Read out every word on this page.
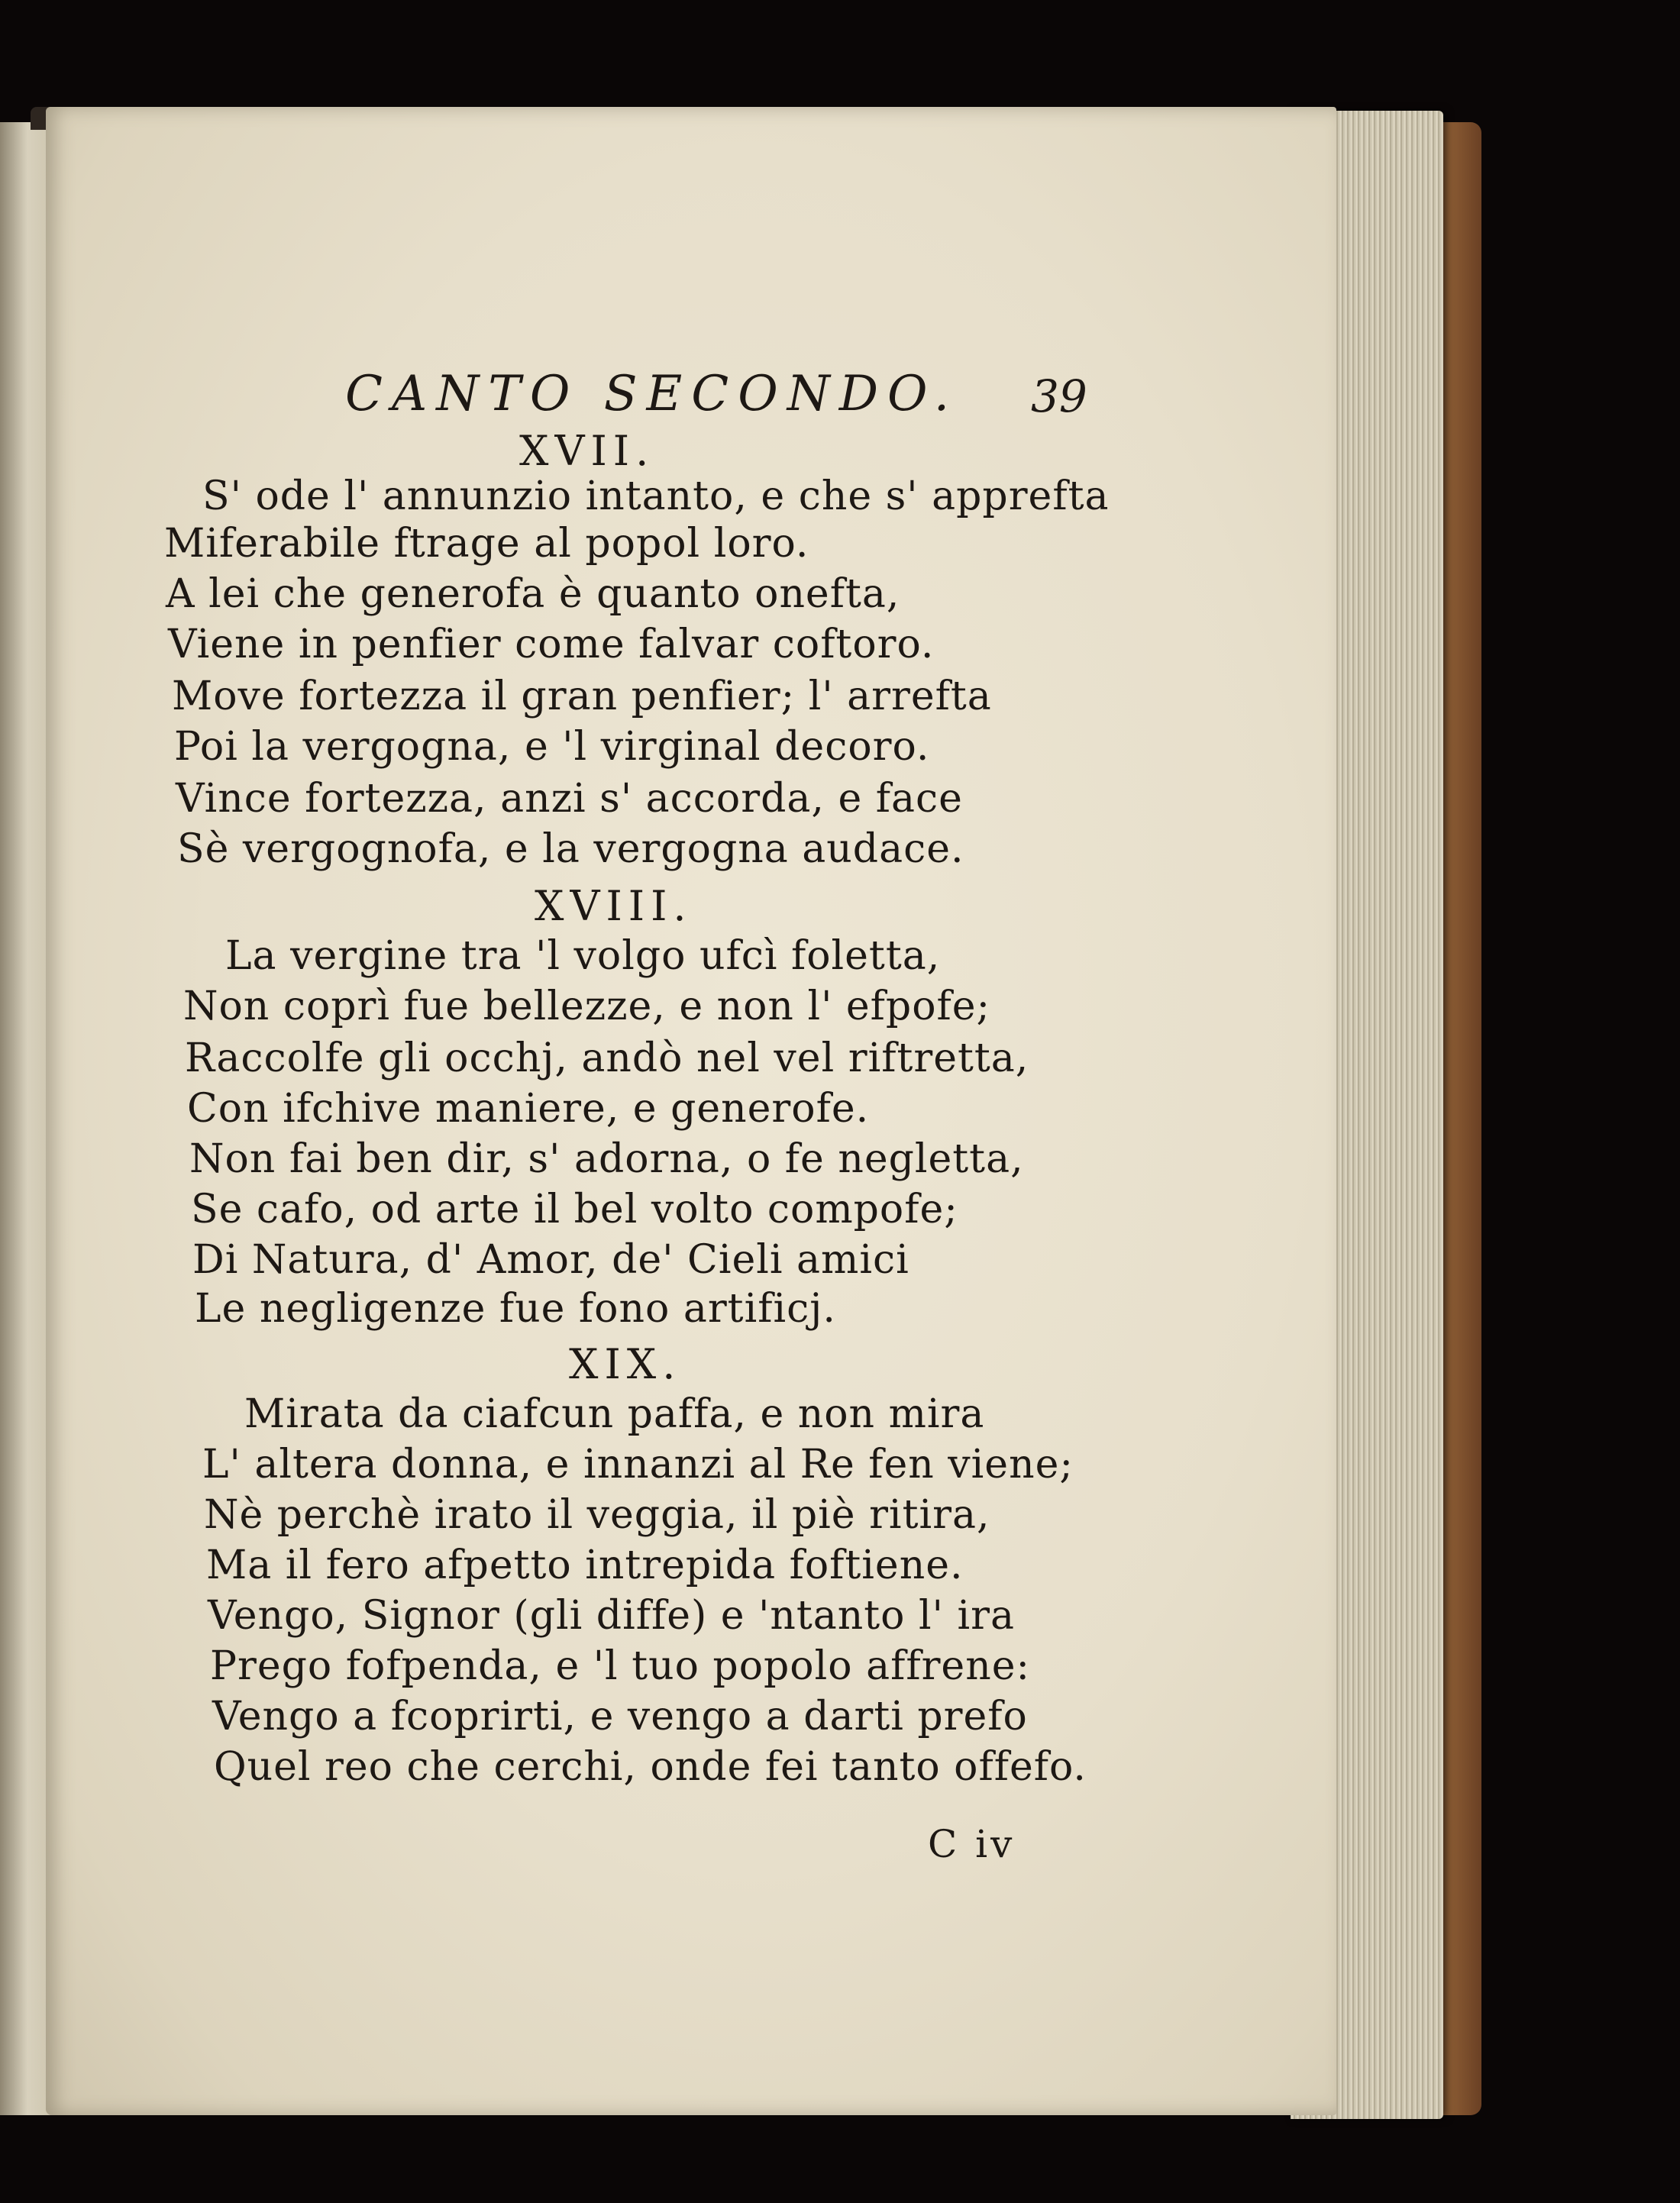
CANTO SECONDO. 39
XVII.
S' ode l' annunzio intanto, e che s' apprefta
Miferabile ftrage al popol loro.
A lei che generofa è quanto onefta,
Viene in penfier come falvar coftoro.
Move fortezza il gran penfier; l' arrefta
Poi la vergogna, e 'l virginal decoro.
Vince fortezza, anzi s' accorda, e face
Sè vergognofa, e la vergogna audace.
XVIII.
La vergine tra 'l volgo ufcì foletta,
Non coprì fue bellezze, e non l' efpofe;
Raccolfe gli occhj, andò nel vel riftretta,
Con ifchive maniere, e generofe.
Non fai ben dir, s' adorna, o fe negletta,
Se cafo, od arte il bel volto compofe;
Di Natura, d' Amor, de' Cieli amici
Le negligenze fue fono artificj.
XIX.
Mirata da ciafcun paffa, e non mira
L' altera donna, e innanzi al Re fen viene;
Nè perchè irato il veggia, il piè ritira,
Ma il fero afpetto intrepida foftiene.
Vengo, Signor (gli diffe) e 'ntanto l' ira
Prego fofpenda, e 'l tuo popolo affrene:
Vengo a fcoprirti, e vengo a darti prefo
Quel reo che cerchi, onde fei tanto offefo.
C iv
